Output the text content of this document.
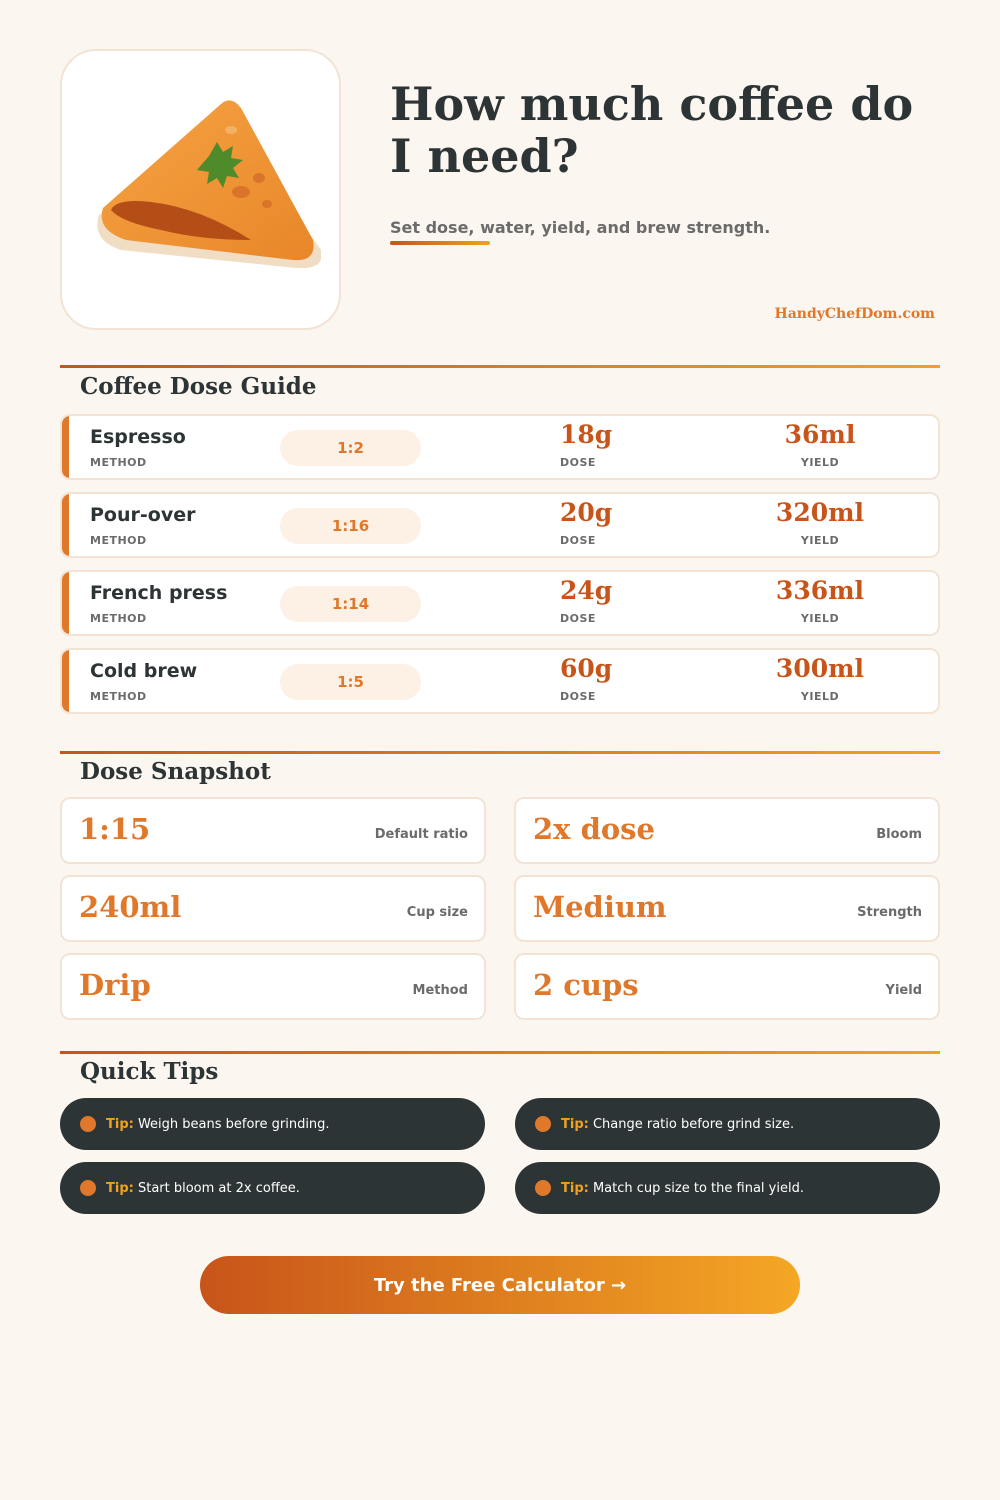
How much coffee do I need?
Set dose, water, yield, and brew strength.
HandyChefDom.com
Coffee Dose Guide
Espresso
METHOD
1:2	18g
DOSE
36ml
YIELD
Pour-over
METHOD
1:16	20g
DOSE
320ml
YIELD
French press
METHOD
1:14	24g
DOSE
336ml
YIELD
Cold brew
METHOD
1:5	60g
DOSE
300ml
YIELD
Dose Snapshot
1:15	Default ratio 2x dose	Bloom
240ml	Cup size Medium	Strength
Drip	Method 2 cups	Yield
Quick Tips
Tip: Weigh beans before grinding.	Tip: Change ratio before grind size.
Tip: Start bloom at 2x coffee.	Tip: Match cup size to the final yield.
Try the Free Calculator →
